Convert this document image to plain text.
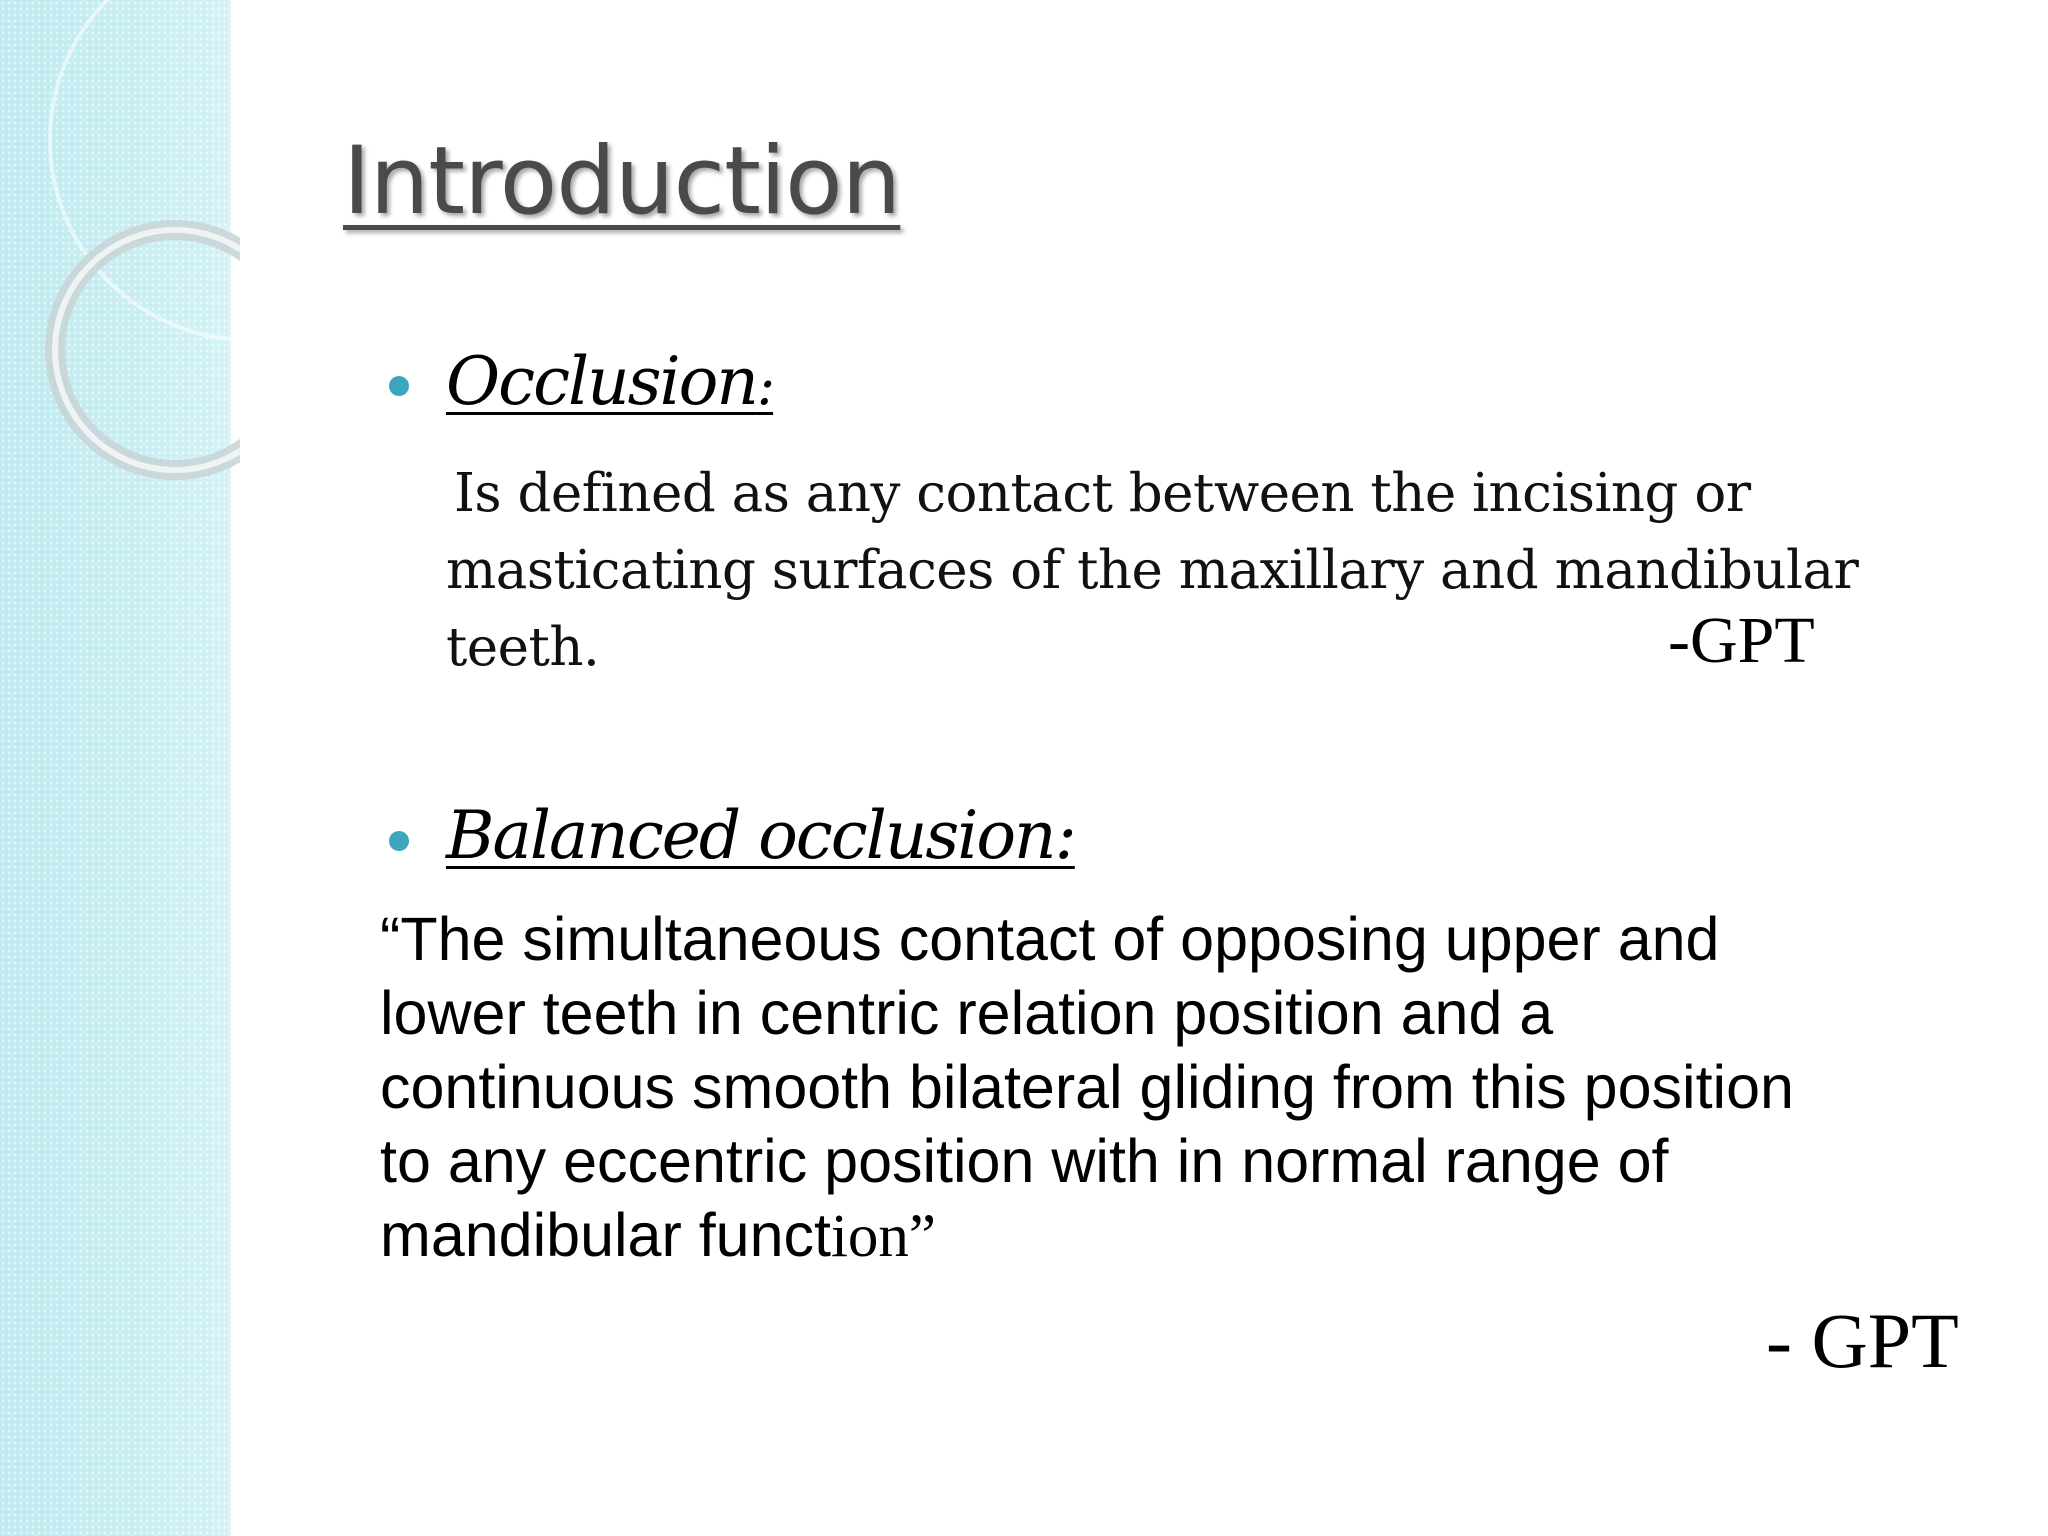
Introduction
Occlusion:
Is defined as any contact between the incising or
masticating surfaces of the maxillary and mandibular
teeth.	-GPT
Balanced occlusion:
“The simultaneous contact of opposing upper and
lower teeth in centric relation position and a
continuous smooth bilateral gliding from this position
to any eccentric position with in normal range of
mandibular function”
- GPT
